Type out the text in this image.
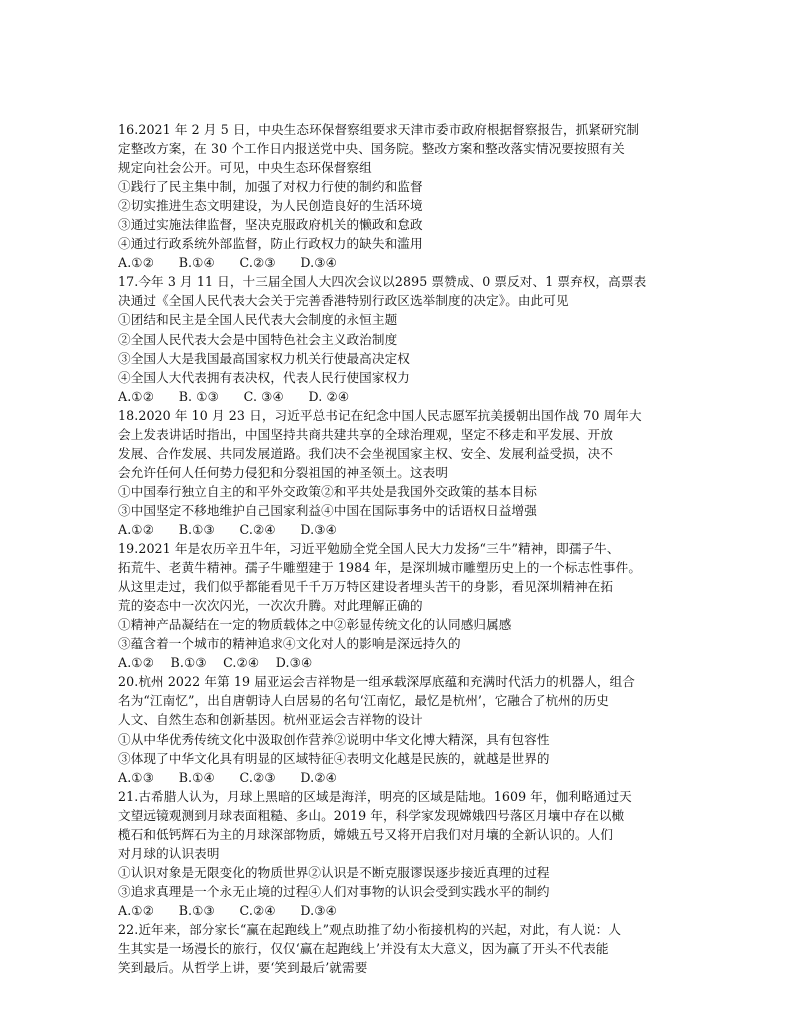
16.2021 年 2 月 5 日，中央生态环保督察组要求天津市委市政府根据督察报告，抓紧研究制
定整改方案，在 30 个工作日内报送党中央、国务院。整改方案和整改落实情况要按照有关
规定向社会公开。可见，中央生态环保督察组
①践行了民主集中制，加强了对权力行使的制约和监督
②切实推进生态文明建设，为人民创造良好的生活环境
③通过实施法律监督，坚决克服政府机关的懒政和怠政
④通过行政系统外部监督，防止行政权力的缺失和滥用
A.①②      B.①④      C.②③      D.③④
17.今年 3 月 11 日，十三届全国人大四次会议以2895 票赞成、0 票反对、1 票弃权，高票表
决通过《全国人民代表大会关于完善香港特别行政区选举制度的决定》。由此可见
①团结和民主是全国人民代表大会制度的永恒主题
②全国人民代表大会是中国特色社会主义政治制度
③全国人大是我国最高国家权力机关行使最高决定权
④全国人大代表拥有表决权，代表人民行使国家权力
A.①②      B. ①③      C. ③④      D. ②④
18.2020 年 10 月 23 日，习近平总书记在纪念中国人民志愿军抗美援朝出国作战 70 周年大
会上发表讲话时指出，中国坚持共商共建共享的全球治理观，坚定不移走和平发展、开放
发展、合作发展、共同发展道路。我们决不会坐视国家主权、安全、发展利益受损，决不
会允许任何人任何势力侵犯和分裂祖国的神圣领土。这表明
①中国奉行独立自主的和平外交政策②和平共处是我国外交政策的基本目标
③中国坚定不移地维护自己国家利益④中国在国际事务中的话语权日益增强
A.①②      B.①③      C.②④      D.③④
19.2021 年是农历辛丑牛年，习近平勉励全党全国人民大力发扬“三牛”精神，即孺子牛、
拓荒牛、老黄牛精神。孺子牛雕塑建于 1984 年，是深圳城市雕塑历史上的一个标志性事件。
从这里走过，我们似乎都能看见千千万万特区建设者埋头苦干的身影，看见深圳精神在拓
荒的姿态中一次次闪光，一次次升腾。对此理解正确的
①精神产品凝结在一定的物质载体之中②彰显传统文化的认同感归属感
③蕴含着一个城市的精神追求④文化对人的影响是深远持久的
A.①②    B.①③    C.②④    D.③④
20.杭州 2022 年第 19 届亚运会吉祥物是一组承载深厚底蕴和充满时代活力的机器人，组合
名为“江南忆”，出自唐朝诗人白居易的名句‘江南忆，最忆是杭州’，它融合了杭州的历史
人文、自然生态和创新基因。杭州亚运会吉祥物的设计
①从中华优秀传统文化中汲取创作营养②说明中华文化博大精深，具有包容性
③体现了中华文化具有明显的区域特征④表明文化越是民族的，就越是世界的
A.①③      B.①④      C.②③      D.②④
21.古希腊人认为，月球上黑暗的区域是海洋，明亮的区域是陆地。1609 年，伽利略通过天
文望远镜观测到月球表面粗糙、多山。2019 年，科学家发现嫦娥四号落区月壤中存在以橄
榄石和低钙辉石为主的月球深部物质，嫦娥五号又将开启我们对月壤的全新认识的。人们
对月球的认识表明
①认识对象是无限变化的物质世界②认识是不断克服谬误逐步接近真理的过程
③追求真理是一个永无止境的过程④人们对事物的认识会受到实践水平的制约
A.①②      B.①③      C.②④      D.③④
22.近年来，部分家长“赢在起跑线上”观点助推了幼小衔接机构的兴起，对此，有人说：人
生其实是一场漫长的旅行，仅仅‘赢在起跑线上’并没有太大意义，因为赢了开头不代表能
笑到最后。从哲学上讲，要‘笑到最后’就需要
